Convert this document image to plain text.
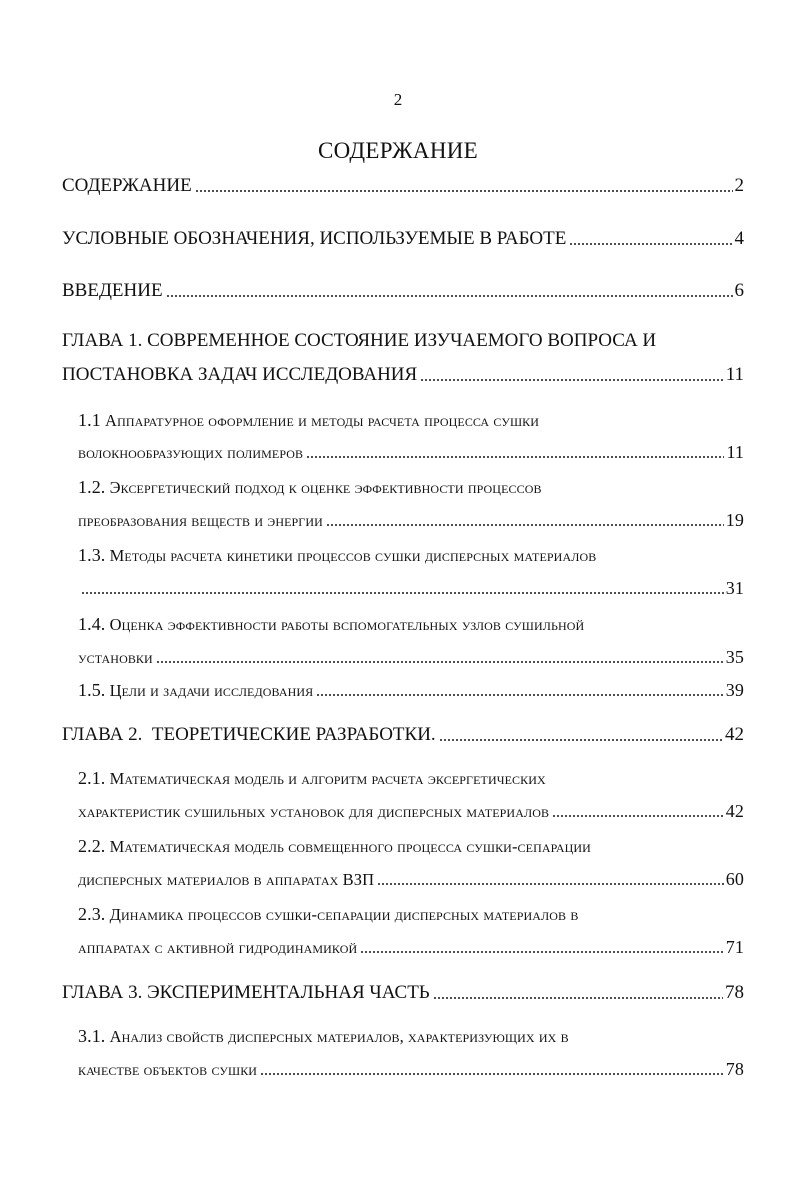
2
СОДЕРЖАНИЕ
СОДЕРЖАНИЕ	2
УСЛОВНЫЕ ОБОЗНАЧЕНИЯ, ИСПОЛЬЗУЕМЫЕ В РАБОТЕ	4
ВВЕДЕНИЕ	6
ГЛАВА 1. СОВРЕМЕННОЕ СОСТОЯНИЕ ИЗУЧАЕМОГО ВОПРОСА И
ПОСТАНОВКА ЗАДАЧ ИССЛЕДОВАНИЯ	11
1.1 Аппаратурное оформление и методы расчета процесса сушки
волокнообразующих полимеров	11
1.2. Эксергетический подход к оценке эффективности процессов
преобразования веществ и энергии	19
1.3. Методы расчета кинетики процессов сушки дисперсных материалов
31
1.4. Оценка эффективности работы вспомогательных узлов сушильной
установки	35
1.5. Цели и задачи исследования	39
ГЛАВА 2.  ТЕОРЕТИЧЕСКИЕ РАЗРАБОТКИ.	42
2.1. Математическая модель и алгоритм расчета эксергетических
характеристик сушильных установок для дисперсных материалов	42
2.2. Математическая модель совмещенного процесса сушки-сепарации
дисперсных материалов в аппаратах ВЗП	60
2.3. Динамика процессов сушки-сепарации дисперсных материалов в
аппаратах с активной гидродинамикой	71
ГЛАВА 3. ЭКСПЕРИМЕНТАЛЬНАЯ ЧАСТЬ	78
3.1. Анализ свойств дисперсных материалов, характеризующих их в
качестве объектов сушки	78
